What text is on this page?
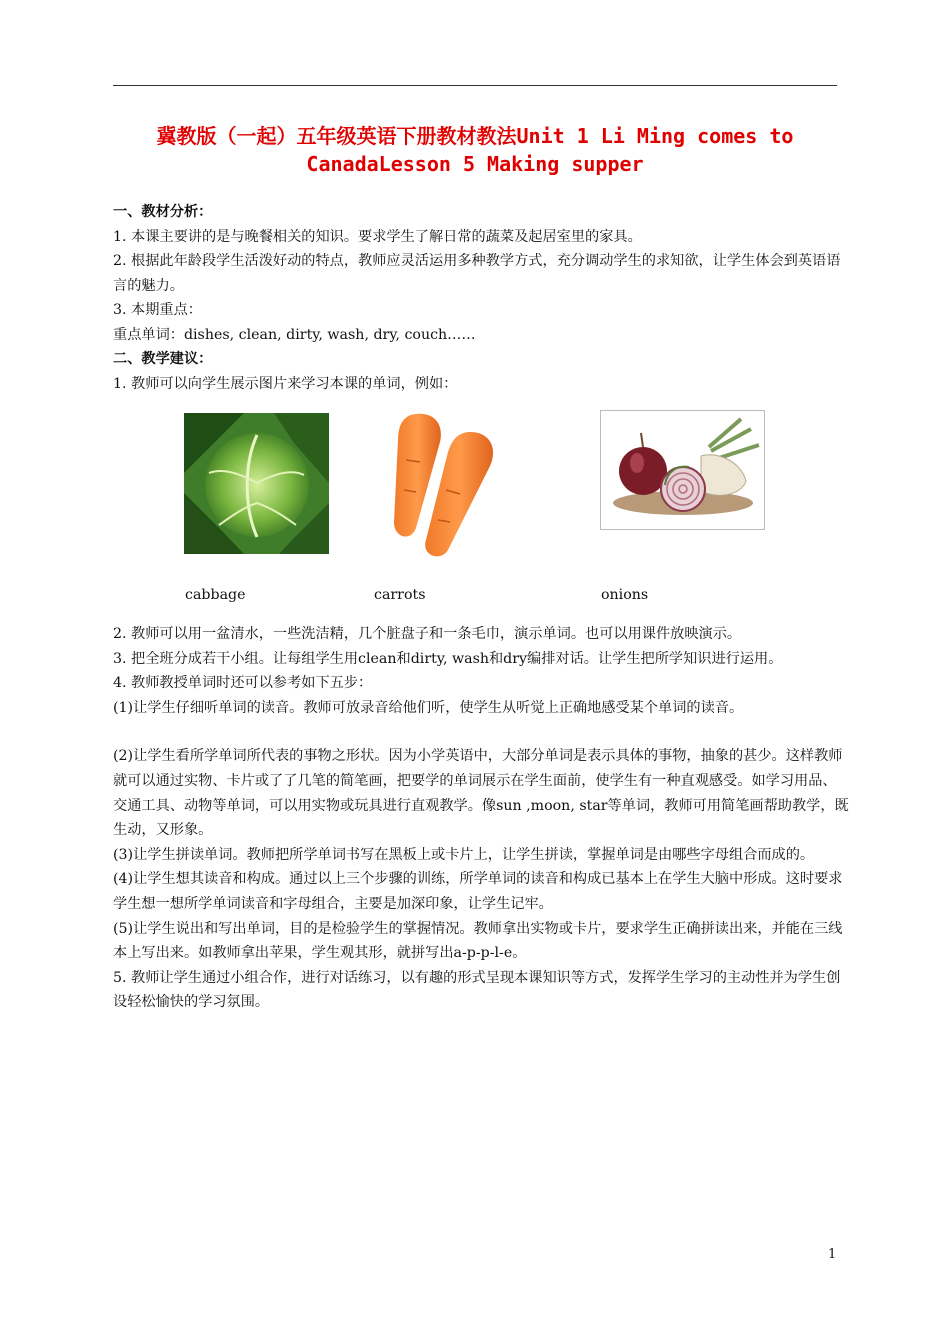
冀教版（一起）五年级英语下册教材教法Unit 1 Li Ming comes to
CanadaLesson 5 Making supper

一、教材分析：

1. 本课主要讲的是与晚餐相关的知识。要求学生了解日常的蔬菜及起居室里的家具。

2. 根据此年龄段学生活泼好动的特点，教师应灵活运用多种教学方式，充分调动学生的求知欲，让学生体会到英语语言的魅力。

3. 本期重点：

重点单词：dishes, clean, dirty, wash, dry, couch……

二、教学建议：

1. 教师可以向学生展示图片来学习本课的单词，例如：

cabbage	carrots	onions

2. 教师可以用一盆清水，一些洗洁精，几个脏盘子和一条毛巾，演示单词。也可以用课件放映演示。

3. 把全班分成若干小组。让每组学生用clean和dirty, wash和dry编排对话。让学生把所学知识进行运用。

4. 教师教授单词时还可以参考如下五步：

(1)让学生仔细听单词的读音。教师可放录音给他们听，使学生从听觉上正确地感受某个单词的读音。

(2)让学生看所学单词所代表的事物之形状。因为小学英语中，大部分单词是表示具体的事物，抽象的甚少。这样教师就可以通过实物、卡片或了了几笔的简笔画，把要学的单词展示在学生面前，使学生有一种直观感受。如学习用品、交通工具、动物等单词，可以用实物或玩具进行直观教学。像sun ,moon, star等单词，教师可用简笔画帮助教学，既生动，又形象。

(3)让学生拼读单词。教师把所学单词书写在黑板上或卡片上，让学生拼读，掌握单词是由哪些字母组合而成的。

(4)让学生想其读音和构成。通过以上三个步骤的训练，所学单词的读音和构成已基本上在学生大脑中形成。这时要求学生想一想所学单词读音和字母组合，主要是加深印象，让学生记牢。

(5)让学生说出和写出单词，目的是检验学生的掌握情况。教师拿出实物或卡片，要求学生正确拼读出来，并能在三线本上写出来。如教师拿出苹果，学生观其形，就拼写出a-p-p-l-e。

5. 教师让学生通过小组合作，进行对话练习，以有趣的形式呈现本课知识等方式，发挥学生学习的主动性并为学生创设轻松愉快的学习氛围。

1
